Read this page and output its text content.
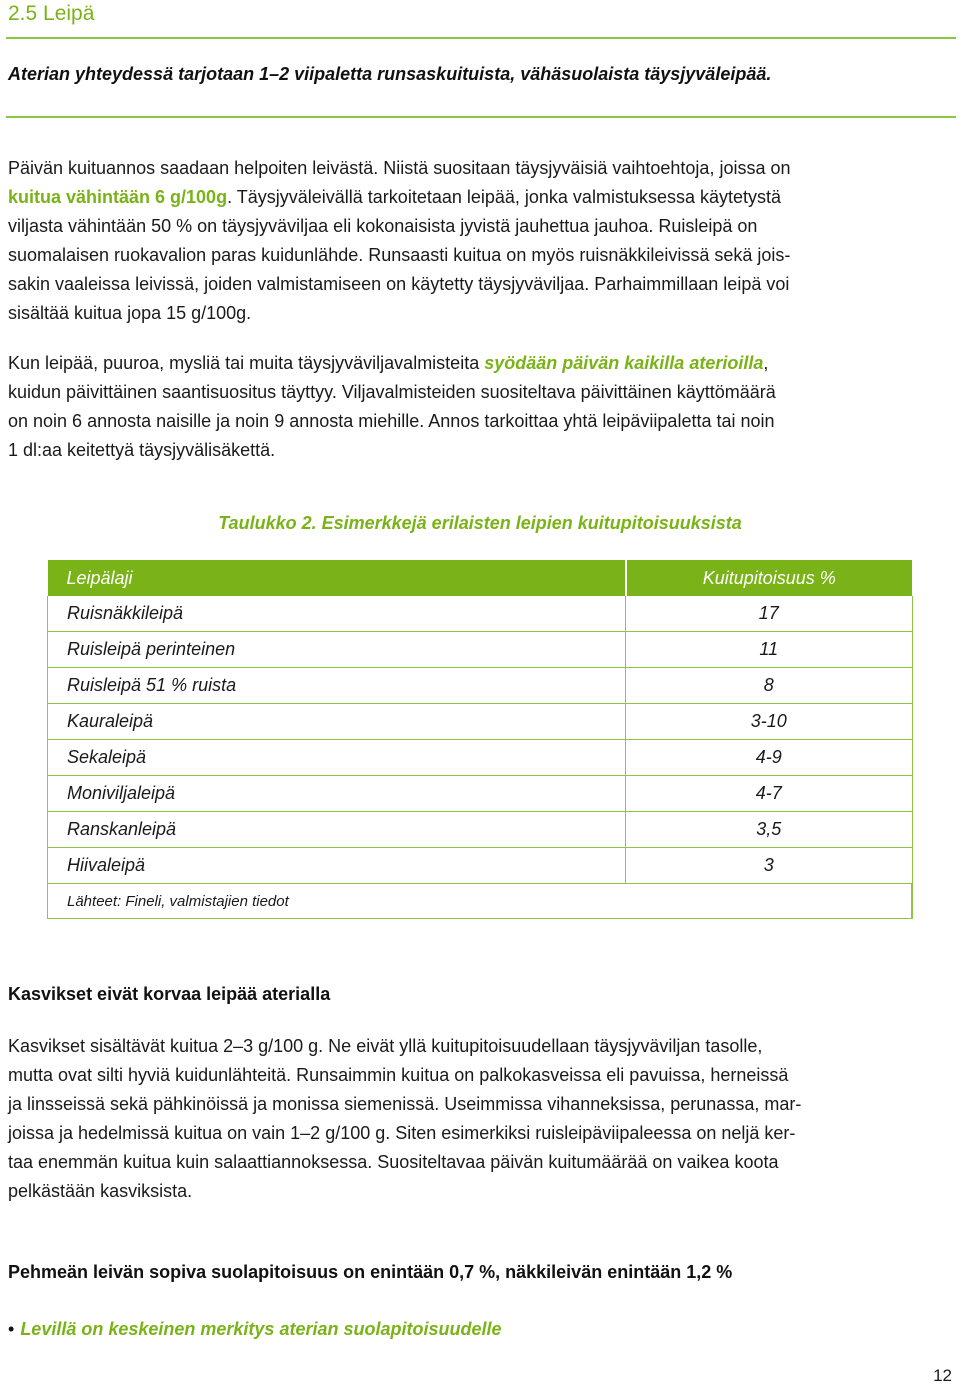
2.5 Leipä
Aterian yhteydessä tarjotaan 1–2 viipaletta runsaskuituista, vähäsuolaista täysjyväleipää.
Päivän kuituannos saadaan helpoiten leivästä. Niistä suositaan täysjyväisiä vaihtoehtoja, joissa on
kuitua vähintään 6 g/100g. Täysjyväleivällä tarkoitetaan leipää, jonka valmistuksessa käytetystä
viljasta vähintään 50 % on täysjyväviljaa eli kokonaisista jyvistä jauhettua jauhoa. Ruisleipä on
suomalaisen ruokavalion paras kuidunlähde. Runsaasti kuitua on myös ruisnäkkileivissä sekä jois-
sakin vaaleissa leivissä, joiden valmistamiseen on käytetty täysjyväviljaa. Parhaimmillaan leipä voi
sisältää kuitua jopa 15 g/100g.
Kun leipää, puuroa, mysliä tai muita täysjyväviljavalmisteita syödään päivän kaikilla aterioilla,
kuidun päivittäinen saantisuositus täyttyy. Viljavalmisteiden suositeltava päivittäinen käyttömäärä
on noin 6 annosta naisille ja noin 9 annosta miehille. Annos tarkoittaa yhtä leipäviipaletta tai noin
1 dl:aa keitettyä täysjyvälisäkettä.
Taulukko 2. Esimerkkejä erilaisten leipien kuitupitoisuuksista
Leipälaji	Kuitupitoisuus %
Ruisnäkkileipä	17
Ruisleipä perinteinen	11
Ruisleipä 51 % ruista	8
Kauraleipä	3-10
Sekaleipä	4-9
Moniviljaleipä	4-7
Ranskanleipä	3,5
Hiivaleipä	3
Lähteet: Fineli, valmistajien tiedot	
Kasvikset eivät korvaa leipää aterialla
Kasvikset sisältävät kuitua 2–3 g/100 g. Ne eivät yllä kuitupitoisuudellaan täysjyväviljan tasolle,
mutta ovat silti hyviä kuidunlähteitä. Runsaimmin kuitua on palkokasveissa eli pavuissa, herneissä
ja linsseissä sekä pähkinöissä ja monissa siemenissä. Useimmissa vihanneksissa, perunassa, mar-
joissa ja hedelmissä kuitua on vain 1–2 g/100 g. Siten esimerkiksi ruisleipäviipaleessa on neljä ker-
taa enemmän kuitua kuin salaattiannoksessa. Suositeltavaa päivän kuitumäärää on vaikea koota
pelkästään kasviksista.
Pehmeän leivän sopiva suolapitoisuus on enintään 0,7 %, näkkileivän enintään 1,2 %
• Levillä on keskeinen merkitys aterian suolapitoisuudelle
12
